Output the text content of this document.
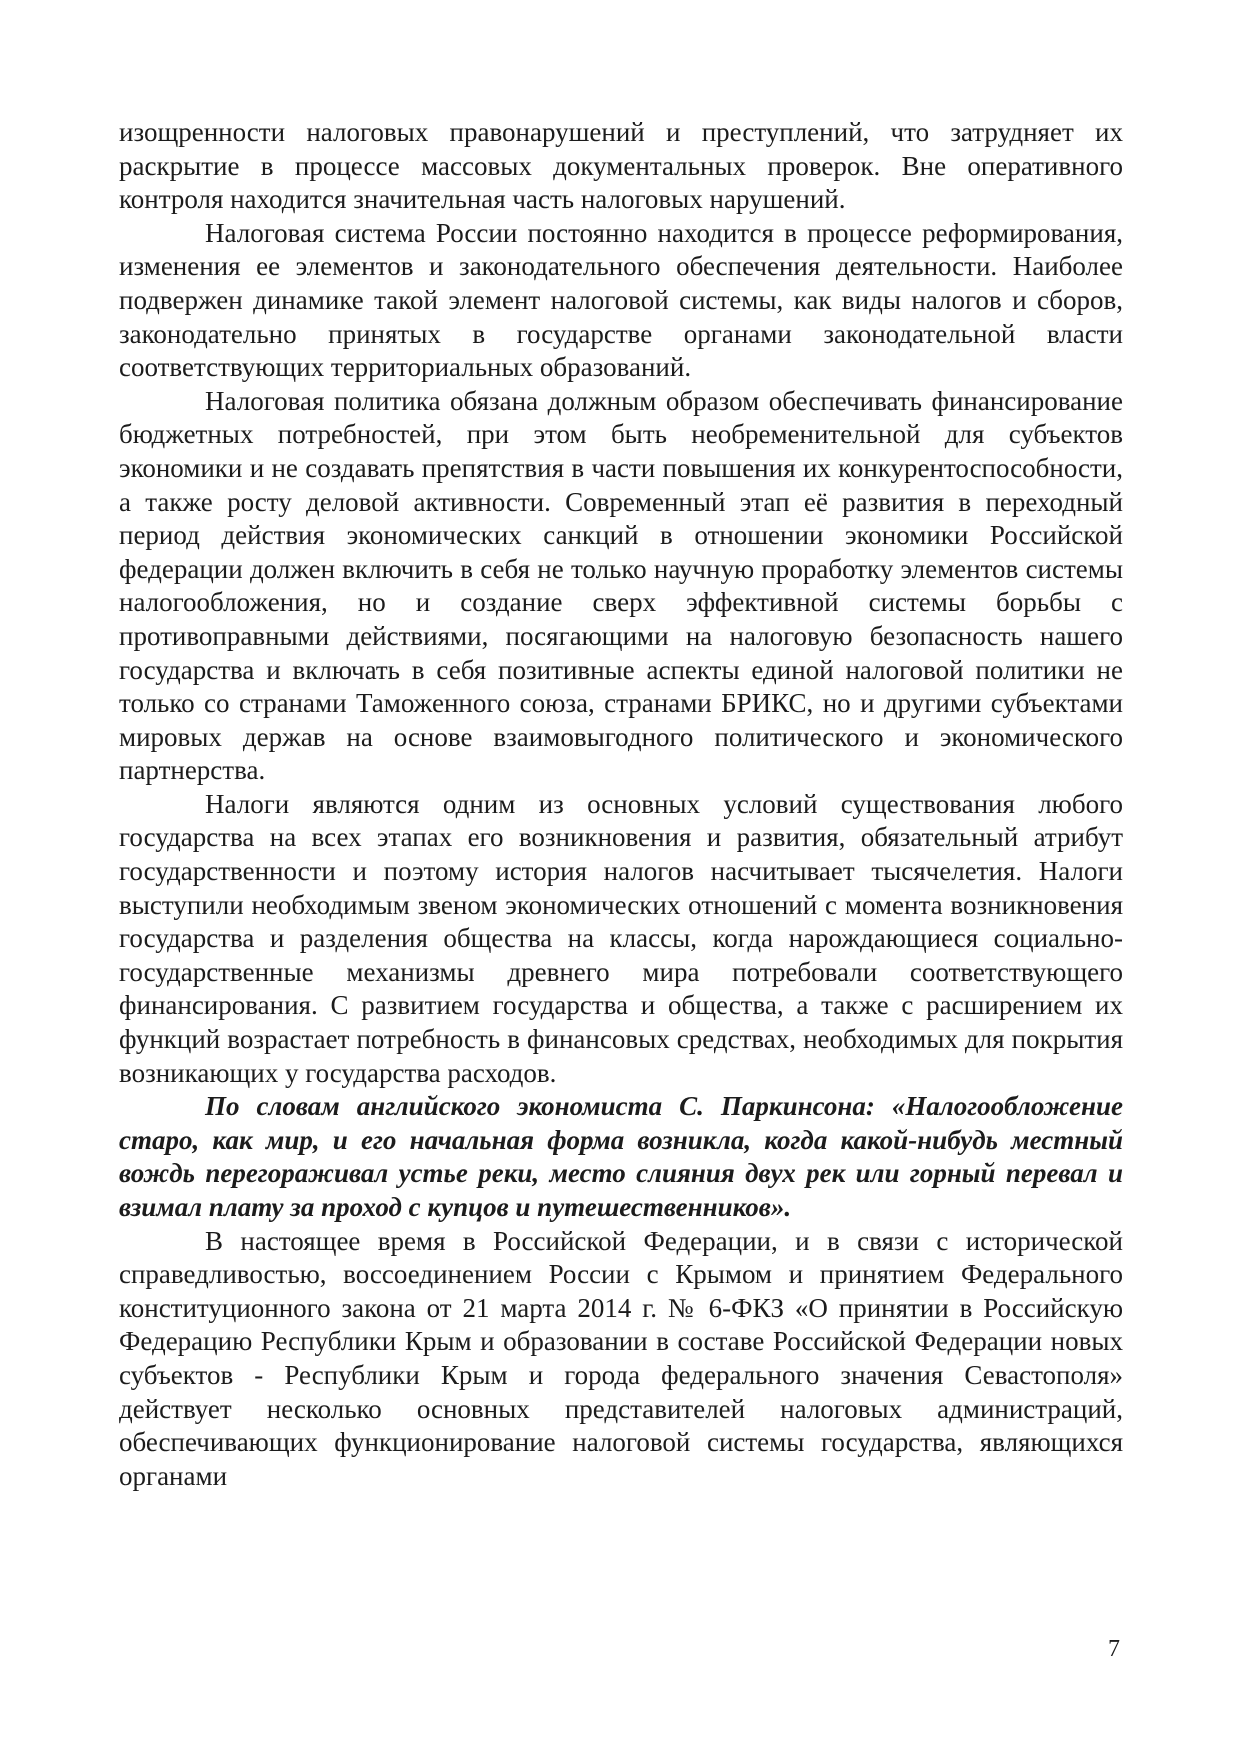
изощренности налоговых правонарушений и преступлений, что затрудняет их раскрытие в процессе массовых документальных проверок. Вне оперативного контроля находится значительная часть налоговых нарушений.

Налоговая система России постоянно находится в процессе реформирования, изменения ее элементов и законодательного обеспечения деятельности. Наиболее подвержен динамике такой элемент налоговой системы, как виды налогов и сборов, законодательно принятых в государстве органами законодательной власти соответствующих территориальных образований.

Налоговая политика обязана должным образом обеспечивать финансирование бюджетных потребностей, при этом быть необременительной для субъектов экономики и не создавать препятствия в части повышения их конкурентоспособности, а также росту деловой активности. Современный этап её развития в переходный период действия экономических санкций в отношении экономики Российской федерации должен включить в себя не только научную проработку элементов системы налогообложения, но и создание сверх эффективной системы борьбы с противоправными действиями, посягающими на налоговую безопасность нашего государства и включать в себя позитивные аспекты единой налоговой политики не только со странами Таможенного союза, странами БРИКС, но и другими субъектами мировых держав на основе взаимовыгодного политического и экономического партнерства.

Налоги являются одним из основных условий существования любого государства на всех этапах его возникновения и развития, обязательный атрибут государственности и поэтому история налогов насчитывает тысячелетия. Налоги выступили необходимым звеном экономических отношений с момента возникновения государства и разделения общества на классы, когда нарождающиеся социально-государственные механизмы древнего мира потребовали соответствующего финансирования. С развитием государства и общества, а также с расширением их функций возрастает потребность в финансовых средствах, необходимых для покрытия возникающих у государства расходов.

По словам английского экономиста С. Паркинсона: «Налогообложение старо, как мир, и его начальная форма возникла, когда какой-нибудь местный вождь перегораживал устье реки, место слияния двух рек или горный перевал и взимал плату за проход с купцов и путешественников».

В настоящее время в Российской Федерации, и в связи с исторической справедливостью, воссоединением России с Крымом и принятием Федерального конституционного закона от 21 марта 2014 г. № 6-ФКЗ «О принятии в Российскую Федерацию Республики Крым и образовании в составе Российской Федерации новых субъектов - Республики Крым и города федерального значения Севастополя» действует несколько основных представителей налоговых администраций, обеспечивающих функционирование налоговой системы государства, являющихся органами

7
